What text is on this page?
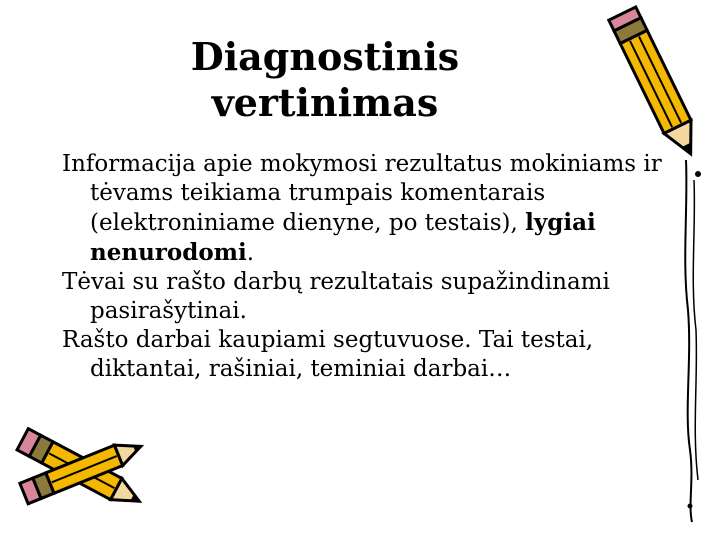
Diagnostinis
vertinimas

Informacija apie mokymosi rezultatus mokiniams ir tėvams teikiama trumpais komentarais (elektroniniame dienyne, po testais), lygiai nenurodomi.

Tėvai su rašto darbų rezultatais supažindinami pasirašytinai.

Rašto darbai kaupiami segtuvuose. Tai testai, diktantai, rašiniai, teminiai darbai…
